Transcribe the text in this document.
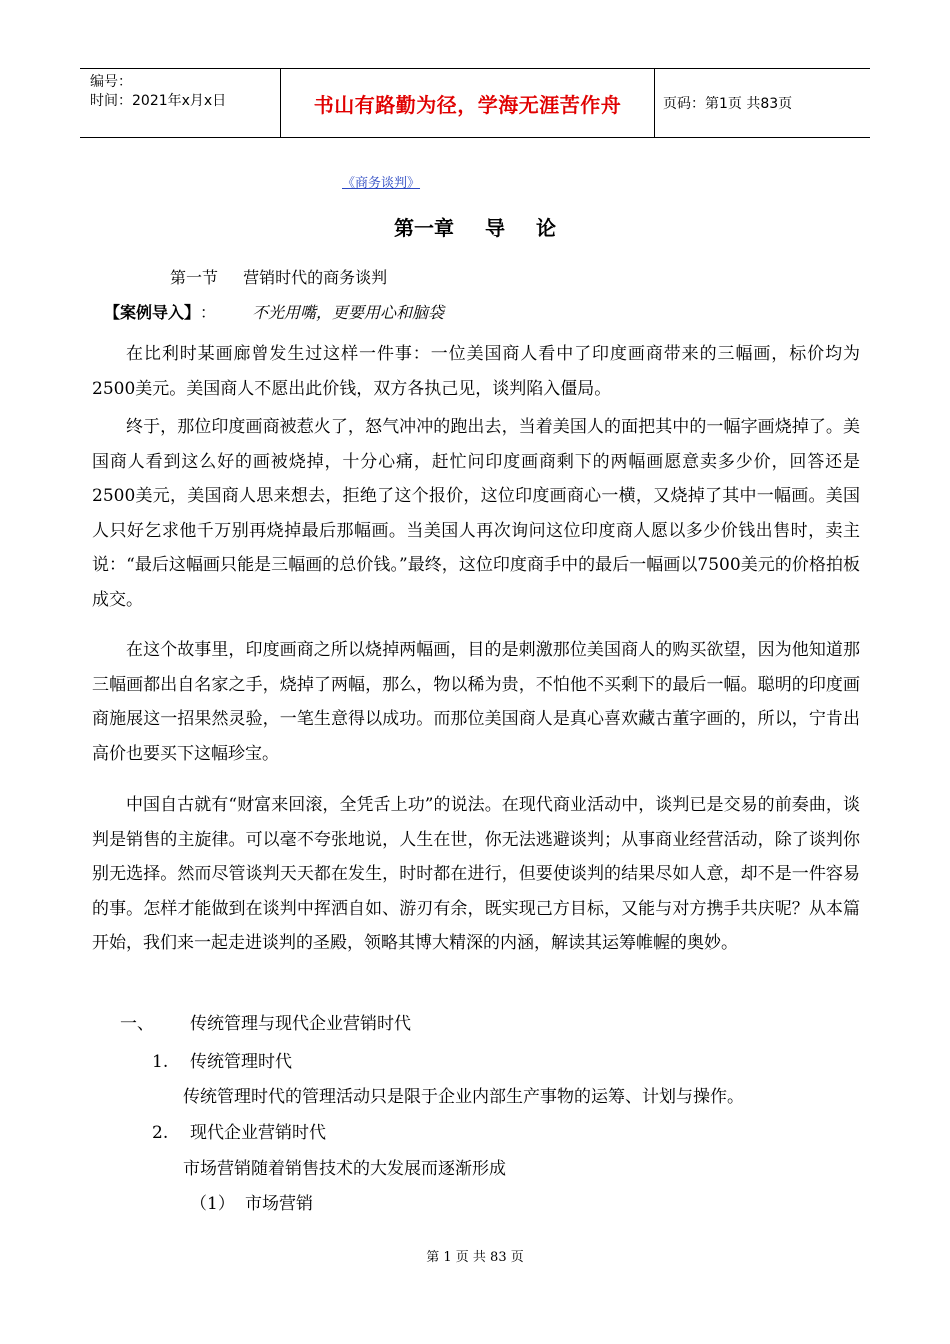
编号：
时间：2021年x月x日	书山有路勤为径，学海无涯苦作舟	页码：第1页 共83页
《商务谈判》
第一章 导 论
第一节 营销时代的商务谈判
【案例导入】 ： 不光用嘴，更要用心和脑袋

在比利时某画廊曾发生过这样一件事：一位美国商人看中了印度画商带来的三幅画，标价均为2500美元。美国商人不愿出此价钱，双方各执己见，谈判陷入僵局。

终于，那位印度画商被惹火了，怒气冲冲的跑出去，当着美国人的面把其中的一幅字画烧掉了。美国商人看到这么好的画被烧掉，十分心痛，赶忙问印度画商剩下的两幅画愿意卖多少价，回答还是2500美元，美国商人思来想去，拒绝了这个报价，这位印度画商心一横，又烧掉了其中一幅画。美国人只好乞求他千万别再烧掉最后那幅画。当美国人再次询问这位印度商人愿以多少价钱出售时，卖主说：“最后这幅画只能是三幅画的总价钱。”最终，这位印度商手中的最后一幅画以7500美元的价格拍板成交。

在这个故事里，印度画商之所以烧掉两幅画，目的是刺激那位美国商人的购买欲望，因为他知道那三幅画都出自名家之手，烧掉了两幅，那么，物以稀为贵，不怕他不买剩下的最后一幅。聪明的印度画商施展这一招果然灵验，一笔生意得以成功。而那位美国商人是真心喜欢藏古董字画的，所以，宁肯出高价也要买下这幅珍宝。

中国自古就有“财富来回滚，全凭舌上功”的说法。在现代商业活动中，谈判已是交易的前奏曲，谈判是销售的主旋律。可以毫不夸张地说，人生在世，你无法逃避谈判；从事商业经营活动，除了谈判你别无选择。然而尽管谈判天天都在发生，时时都在进行，但要使谈判的结果尽如人意，却不是一件容易的事。怎样才能做到在谈判中挥洒自如、游刃有余，既实现己方目标，又能与对方携手共庆呢？从本篇开始，我们来一起走进谈判的圣殿，领略其博大精深的内涵，解读其运筹帷幄的奥妙。

一、 传统管理与现代企业营销时代
1. 传统管理时代
传统管理时代的管理活动只是限于企业内部生产事物的运筹、计划与操作。
2. 现代企业营销时代
市场营销随着销售技术的大发展而逐渐形成
（1） 市场营销
第 1 页 共 83 页
